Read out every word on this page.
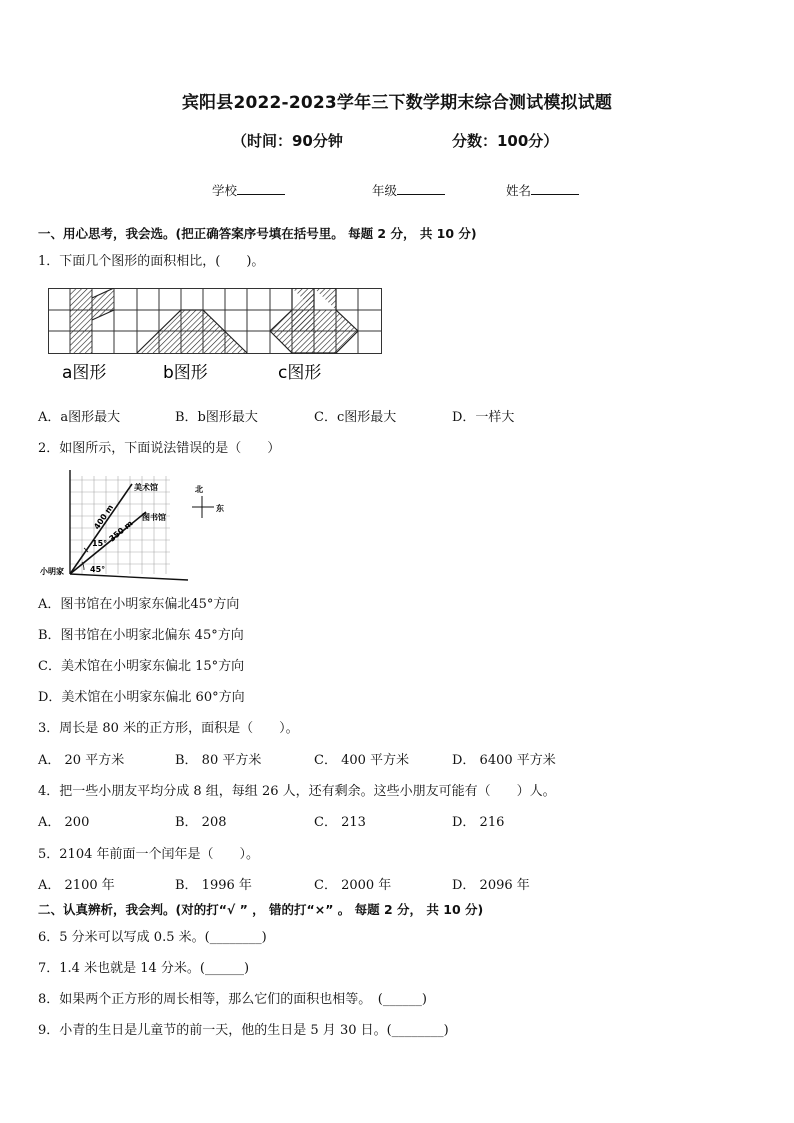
宾阳县2022-2023学年三下数学期末综合测试模拟试题
（时间：90分钟	分数：100分）
学校	年级	姓名
一、用心思考，我会选。(把正确答案序号填在括号里。 每题 2 分， 共 10 分)
1．下面几个图形的面积相比，(　　)。
a图形	b图形	c图形
A．a图形最大	B．b图形最大	C．c图形最大	D．一样大
2．如图所示，下面说法错误的是（　　）
美术馆
图书馆
小明家
400 m
350 m
15°
45°
北
东
A．图书馆在小明家东偏北45°方向
B．图书馆在小明家北偏东 45°方向
C．美术馆在小明家东偏北 15°方向
D．美术馆在小明家东偏北 60°方向
3．周长是 80 米的正方形，面积是（　　）。
A． 20 平方米	B． 80 平方米	C． 400 平方米	D． 6400 平方米
4．把一些小朋友平均分成 8 组，每组 26 人，还有剩余。这些小朋友可能有（　　）人。
A． 200	B． 208	C． 213	D． 216
5．2104 年前面一个闰年是（　　）。
A． 2100 年	B． 1996 年	C． 2000 年	D． 2096 年
二、认真辨析，我会判。(对的打“√ ” ， 错的打“×” 。 每题 2 分， 共 10 分)
6．5 分米可以写成 0.5 米。(________)
7．1.4 米也就是 14 分米。(______)
8．如果两个正方形的周长相等，那么它们的面积也相等。　(______)
9．小青的生日是儿童节的前一天，他的生日是 5 月 30 日。(________)
